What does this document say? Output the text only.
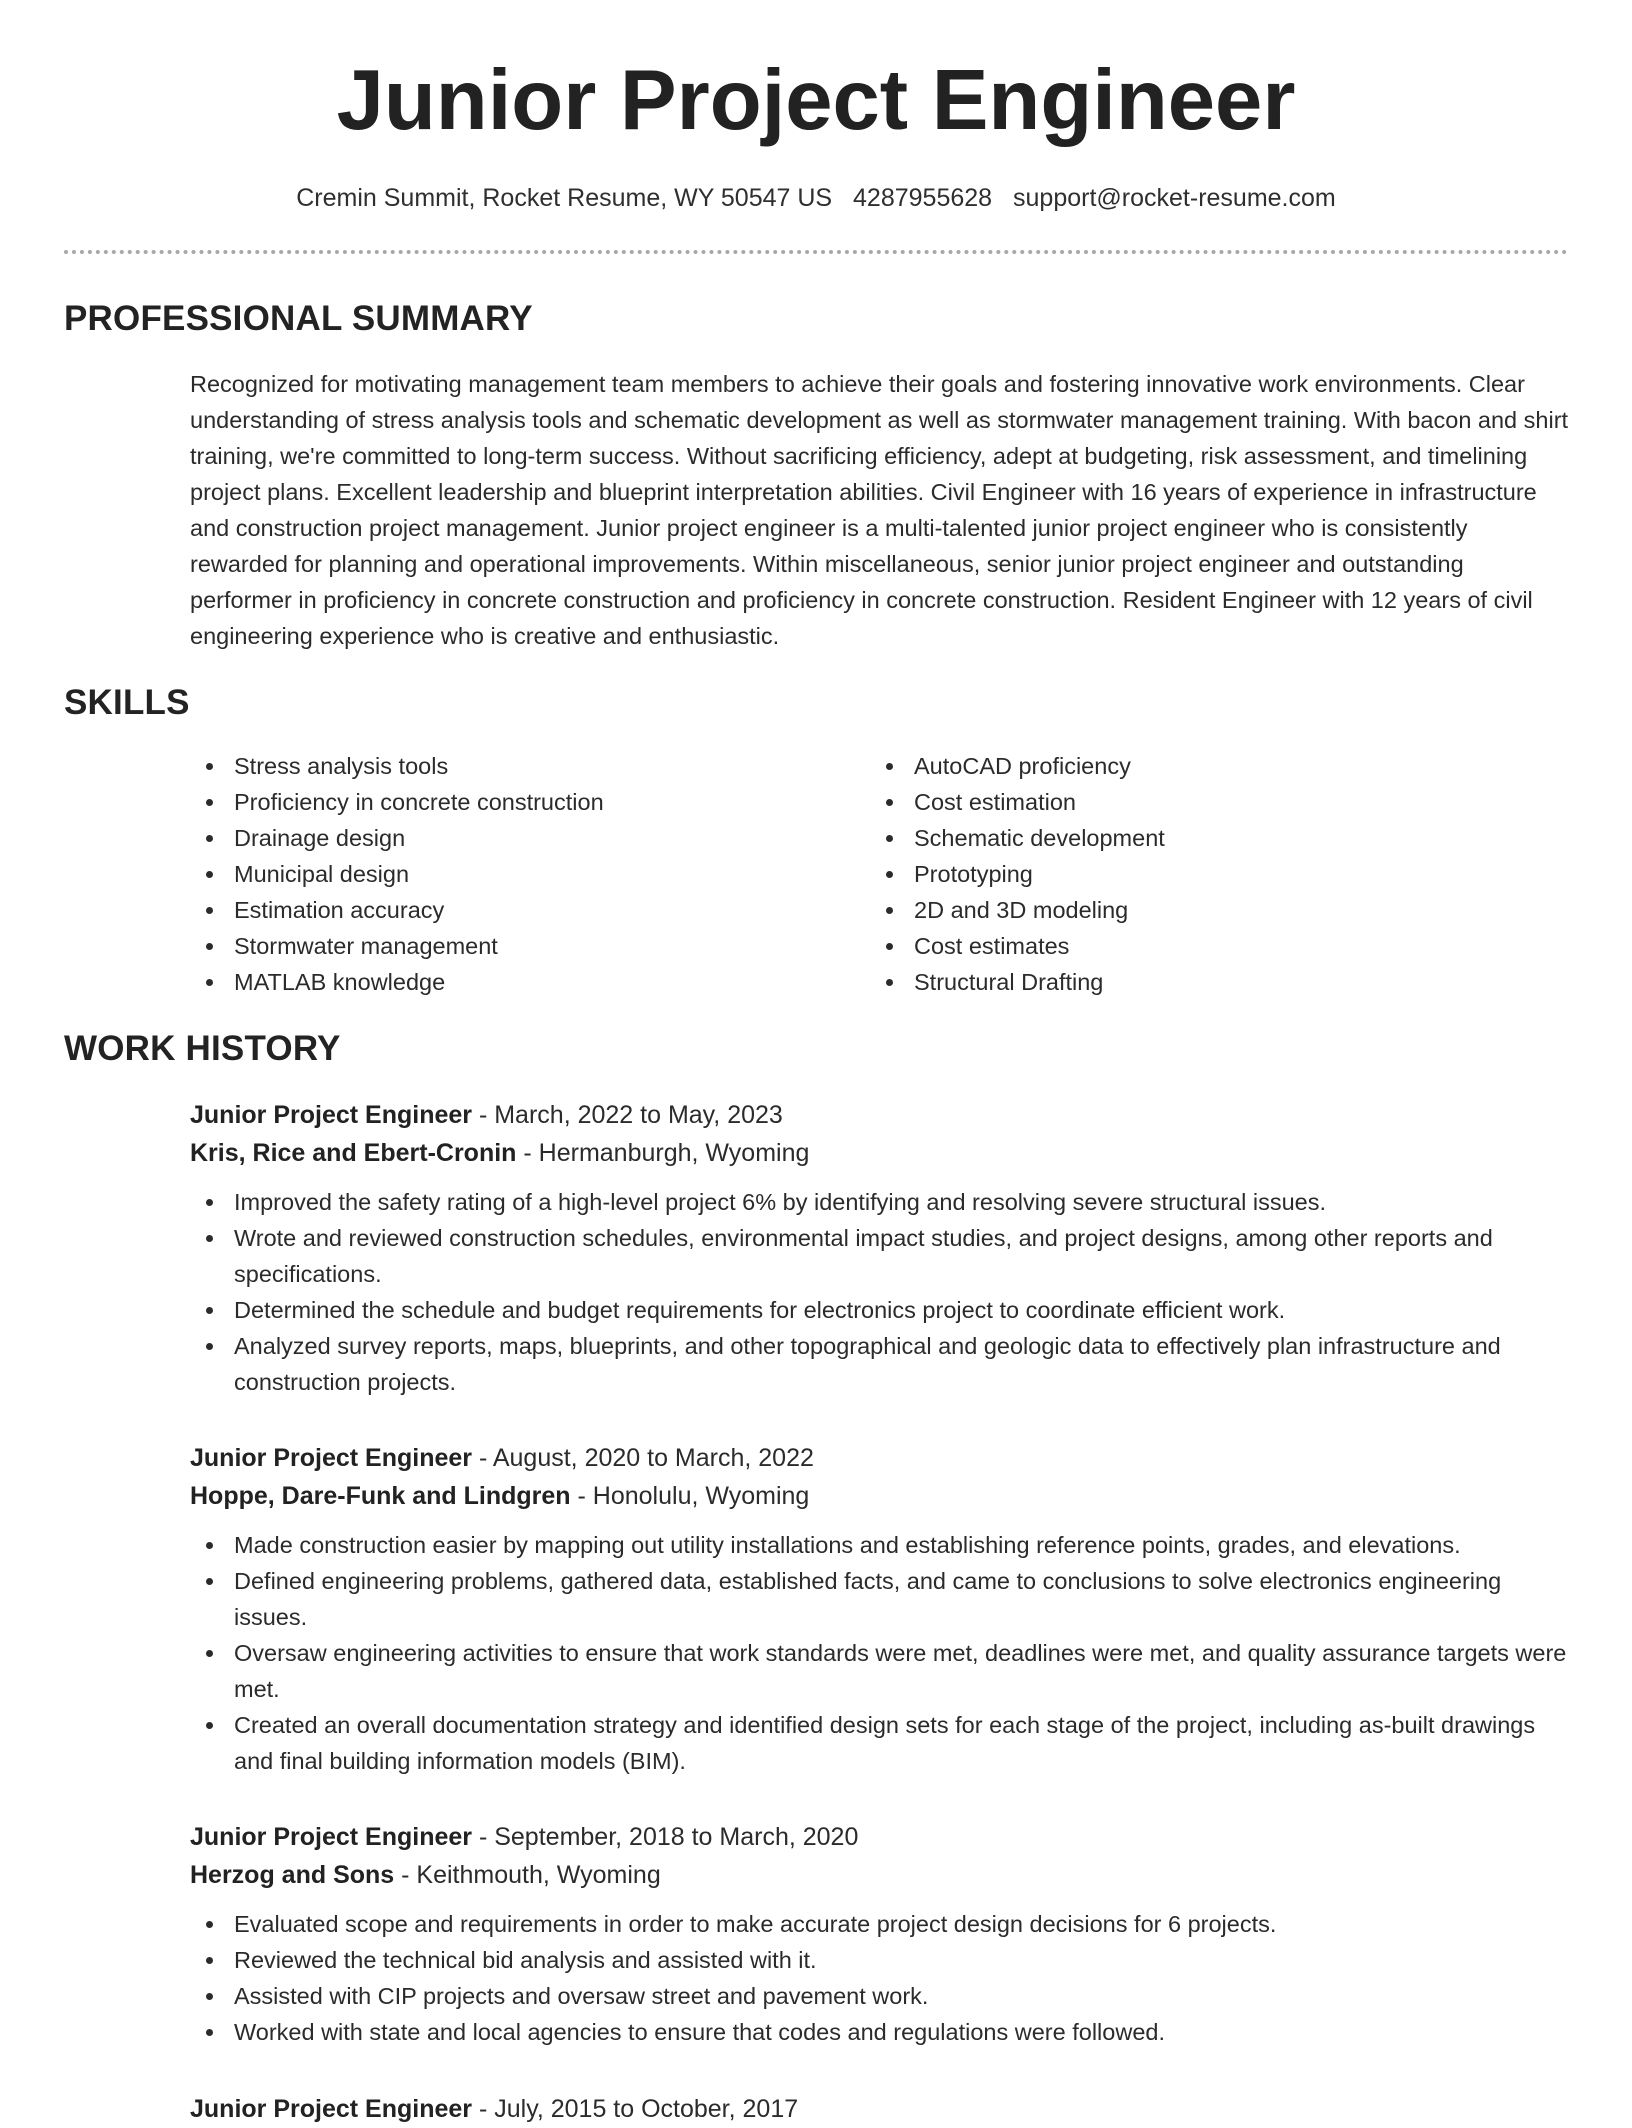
Junior Project Engineer
Cremin Summit, Rocket Resume, WY 50547 US 4287955628 support@rocket-resume.com
PROFESSIONAL SUMMARY

Recognized for motivating management team members to achieve their goals and fostering innovative work environments. Clear understanding of stress analysis tools and schematic development as well as stormwater management training. With bacon and shirt training, we're committed to long-term success. Without sacrificing efficiency, adept at budgeting, risk assessment, and timelining project plans. Excellent leadership and blueprint interpretation abilities. Civil Engineer with 16 years of experience in infrastructure and construction project management. Junior project engineer is a multi-talented junior project engineer who is consistently rewarded for planning and operational improvements. Within miscellaneous, senior junior project engineer and outstanding performer in proficiency in concrete construction and proficiency in concrete construction. Resident Engineer with 12 years of civil engineering experience who is creative and enthusiastic.

SKILLS
Stress analysis tools
Proficiency in concrete construction
Drainage design
Municipal design
Estimation accuracy
Stormwater management
MATLAB knowledge
AutoCAD proficiency
Cost estimation
Schematic development
Prototyping
2D and 3D modeling
Cost estimates
Structural Drafting
WORK HISTORY
Junior Project Engineer - March, 2022 to May, 2023
Kris, Rice and Ebert-Cronin - Hermanburgh, Wyoming
Improved the safety rating of a high-level project 6% by identifying and resolving severe structural issues.
Wrote and reviewed construction schedules, environmental impact studies, and project designs, among other reports and specifications.
Determined the schedule and budget requirements for electronics project to coordinate efficient work.
Analyzed survey reports, maps, blueprints, and other topographical and geologic data to effectively plan infrastructure and construction projects.
Junior Project Engineer - August, 2020 to March, 2022
Hoppe, Dare-Funk and Lindgren - Honolulu, Wyoming
Made construction easier by mapping out utility installations and establishing reference points, grades, and elevations.
Defined engineering problems, gathered data, established facts, and came to conclusions to solve electronics engineering issues.
Oversaw engineering activities to ensure that work standards were met, deadlines were met, and quality assurance targets were met.
Created an overall documentation strategy and identified design sets for each stage of the project, including as-built drawings and final building information models (BIM).
Junior Project Engineer - September, 2018 to March, 2020
Herzog and Sons - Keithmouth, Wyoming
Evaluated scope and requirements in order to make accurate project design decisions for 6 projects.
Reviewed the technical bid analysis and assisted with it.
Assisted with CIP projects and oversaw street and pavement work.
Worked with state and local agencies to ensure that codes and regulations were followed.
Junior Project Engineer - July, 2015 to October, 2017
